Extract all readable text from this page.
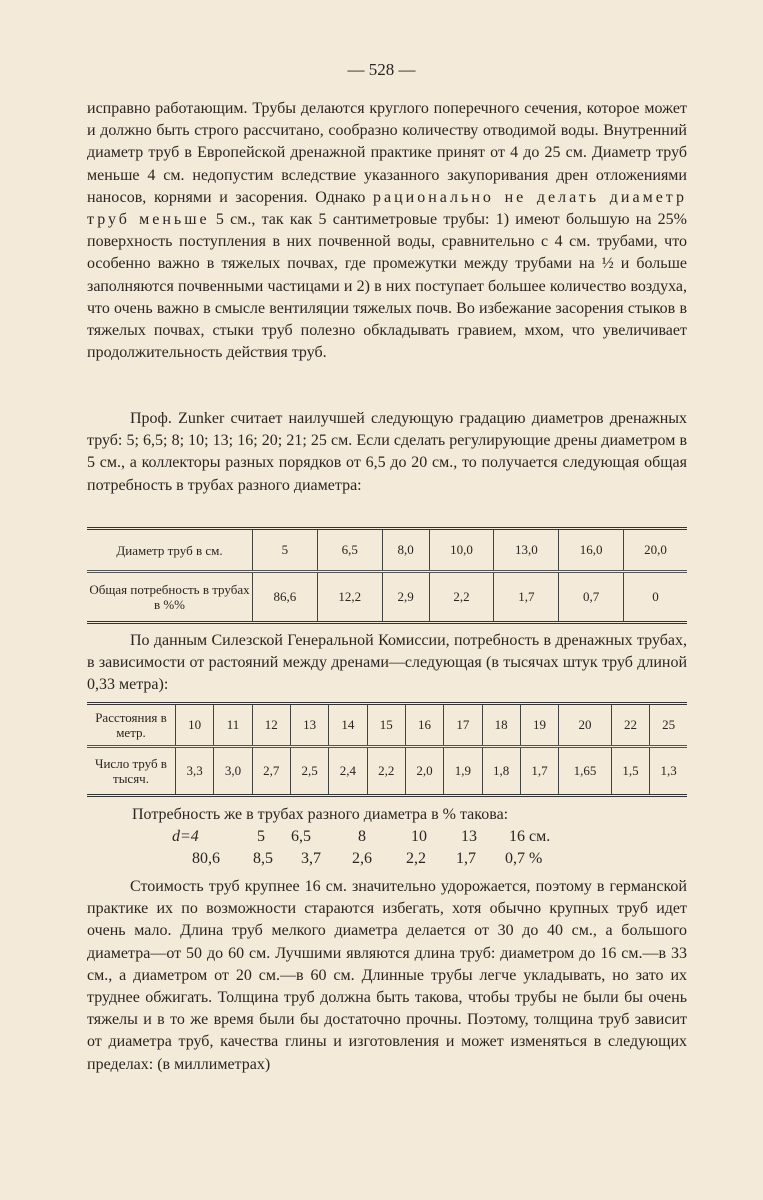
— 528 —

исправно работающим. Трубы делаются круглого поперечного сечения, которое может и должно быть строго рассчитано, сообразно количеству отводимой воды. Внутренний диаметр труб в Европейской дренажной практике принят от 4 до 25 см. Диаметр труб меньше 4 см. недопустим вследствие указанного закупоривания дрен отложениями наносов, корнями и засорения. Однако рационально не делать диаметр труб меньше 5 см., так как 5 сантиметровые трубы: 1) имеют большую на 25% поверхность поступления в них почвенной воды, сравнительно с 4 см. трубами, что особенно важно в тяжелых почвах, где промежутки между трубами на ½ и больше заполняются почвенными частицами и 2) в них поступает большее количество воздуха, что очень важно в смысле вентиляции тяжелых почв. Во избежание засорения стыков в тяжелых почвах, стыки труб полезно обкладывать гравием, мхом, что увеличивает продолжительность действия труб.

Проф. Zunker считает наилучшей следующую градацию диаметров дренажных труб: 5; 6,5; 8; 10; 13; 16; 20; 21; 25 см. Если сделать регулирующие дрены диаметром в 5 см., а коллекторы разных порядков от 6,5 до 20 см., то получается следующая общая потребность в трубах разного диаметра:
Диаметр труб в см.	5	6,5	8,0	10,0	13,0	16,0	20,0
Общая потребность в трубах в %%	86,6	12,2	2,9	2,2	1,7	0,7	0
По данным Силезской Генеральной Комиссии, потребность в дренажных трубах, в зависимости от растояний между дренами—следующая (в тысячах штук труб длиной 0,33 метра):
Расстояния в метр.	10	11	12	13	14	15	16	17	18	19	20	22	25
Число труб в тысяч.	3,3	3,0	2,7	2,5	2,4	2,2	2,0	1,9	1,8	1,7	1,65	1,5	1,3
Потребность же в трубах разного диаметра в % такова:
d=4	5 6,5	8	10 13 16 см.
80,6 8,5 3,7 2,6 2,2 1,7 0,7 %
Стоимость труб крупнее 16 см. значительно удорожается, поэтому в германской практике их по возможности стараются избегать, хотя обычно крупных труб идет очень мало. Длина труб мелкого диаметра делается от 30 до 40 см., а большого диаметра—от 50 до 60 см. Лучшими являются длина труб: диаметром до 16 см.—в 33 см., а диаметром от 20 см.—в 60 см. Длинные трубы легче укладывать, но зато их труднее обжигать. Толщина труб должна быть такова, чтобы трубы не были бы очень тяжелы и в то же время были бы достаточно прочны. Поэтому, толщина труб зависит от диаметра труб, качества глины и изготовления и может изменяться в следующих пределах: (в миллиметрах)
